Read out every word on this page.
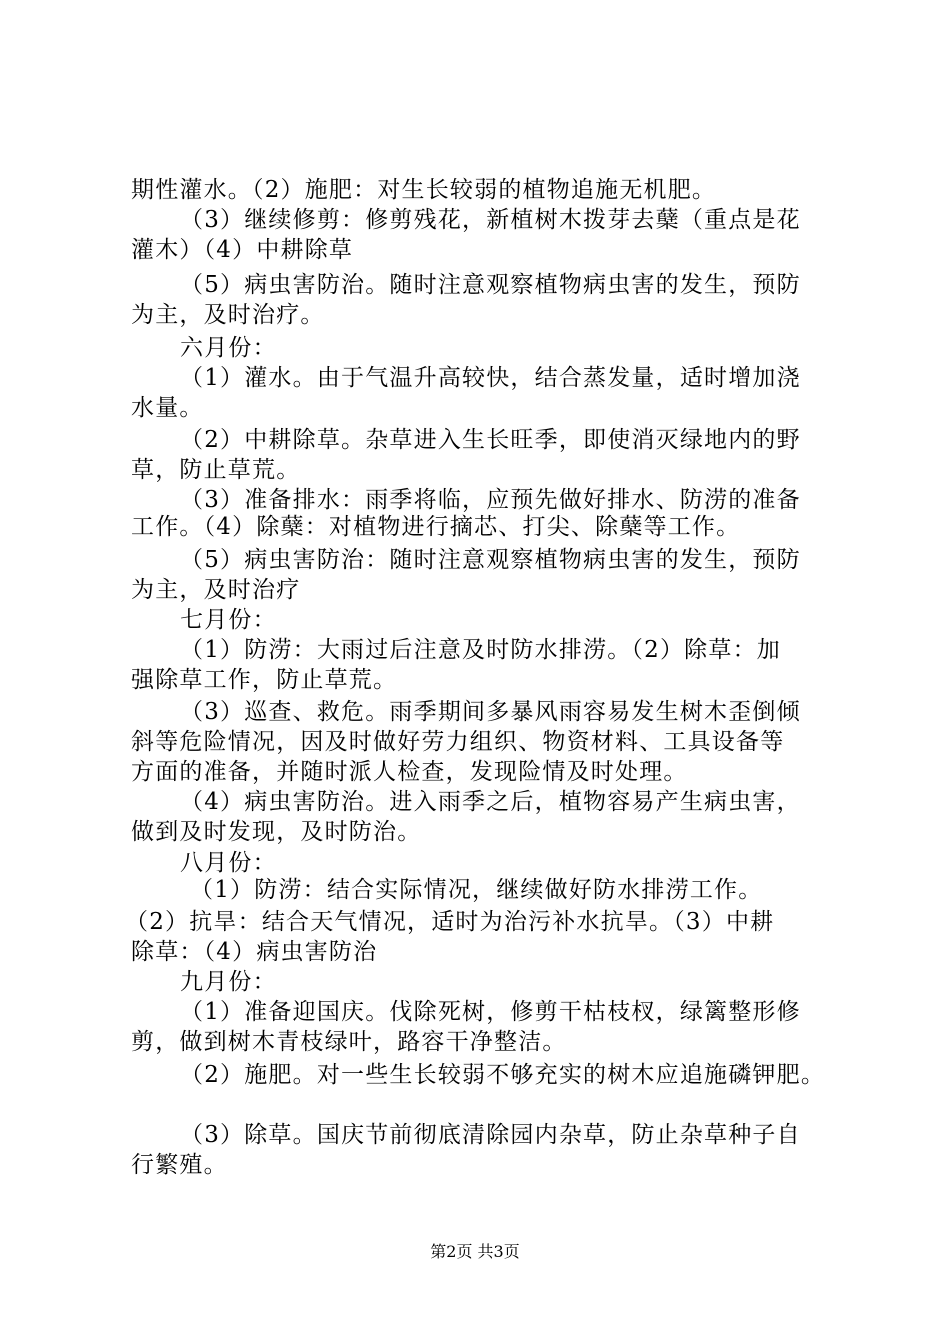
期性灌水。（2）施肥：对生长较弱的植物追施无机肥。
（3）继续修剪：修剪残花，新植树木拨芽去蘖（重点是花
灌木）（4）中耕除草
（5）病虫害防治。随时注意观察植物病虫害的发生，预防
为主，及时治疗。
六月份：
（1）灌水。由于气温升高较快，结合蒸发量，适时增加浇
水量。
（2）中耕除草。杂草进入生长旺季，即使消灭绿地内的野
草，防止草荒。
（3）准备排水：雨季将临，应预先做好排水、防涝的准备
工作。（4）除蘖：对植物进行摘芯、打尖、除蘖等工作。
（5）病虫害防治：随时注意观察植物病虫害的发生，预防
为主，及时治疗
七月份：
（1）防涝：大雨过后注意及时防水排涝。（2）除草：加
强除草工作，防止草荒。
（3）巡查、救危。雨季期间多暴风雨容易发生树木歪倒倾
斜等危险情况，因及时做好劳力组织、物资材料、工具设备等
方面的准备，并随时派人检查，发现险情及时处理。
（4）病虫害防治。进入雨季之后，植物容易产生病虫害，
做到及时发现，及时防治。
八月份：
（1）防涝：结合实际情况，继续做好防水排涝工作。
（2）抗旱：结合天气情况，适时为治污补水抗旱。（3）中耕
除草：（4）病虫害防治
九月份：
（1）准备迎国庆。伐除死树，修剪干枯枝杈，绿篱整形修
剪，做到树木青枝绿叶，路容干净整洁。
（2）施肥。对一些生长较弱不够充实的树木应追施磷钾肥。
（3）除草。国庆节前彻底清除园内杂草，防止杂草种子自
行繁殖。
第2页 共3页
